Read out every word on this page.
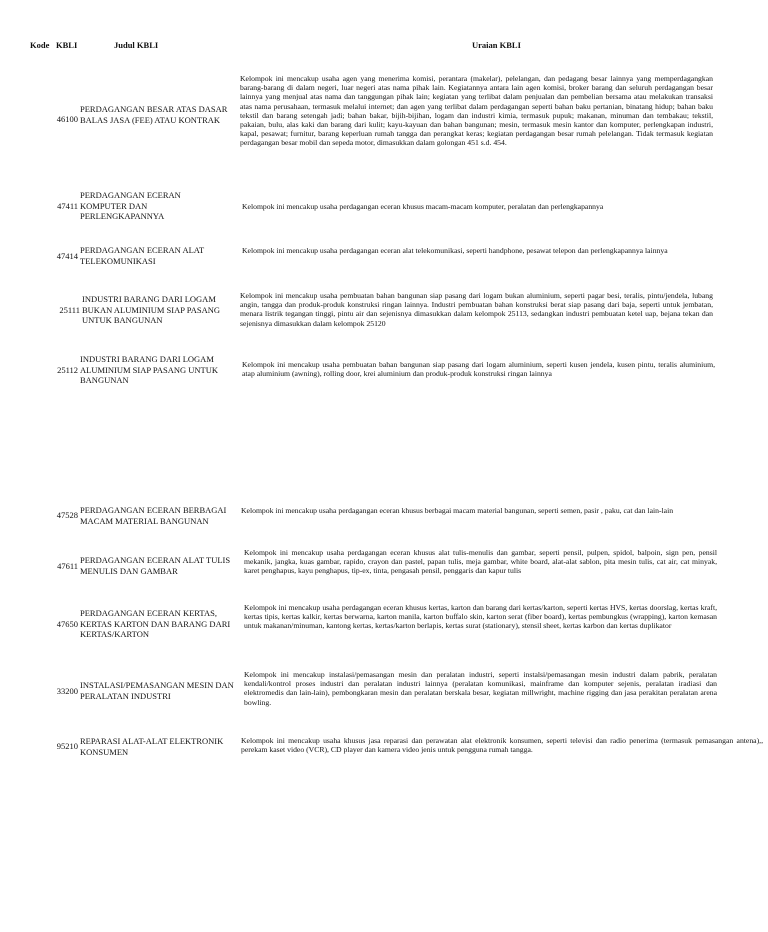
Kode KBLI	Judul KBLI	Uraian KBLI
46100
PERDAGANGAN BESAR ATAS DASAR BALAS JASA (FEE) ATAU KONTRAK
Kelompok ini mencakup usaha agen yang menerima komisi, perantara (makelar), pelelangan, dan pedagang besar lainnya yang memperdagangkan barang-barang di dalam negeri, luar negeri atas nama pihak lain. Kegiatannya antara lain agen komisi, broker barang dan seluruh perdagangan besar lainnya yang menjual atas nama dan tanggungan pihak lain; kegiatan yang terlibat dalam penjualan dan pembelian bersama atau melakukan transaksi atas nama perusahaan, termasuk melalui internet; dan agen yang terlibat dalam perdagangan seperti bahan baku pertanian, binatang hidup; bahan baku tekstil dan barang setengah jadi; bahan bakar, bijih-bijihan, logam dan industri kimia, termasuk pupuk; makanan, minuman dan tembakau; tekstil, pakaian, bulu, alas kaki dan barang dari kulit; kayu-kayuan dan bahan bangunan; mesin, termasuk mesin kantor dan komputer, perlengkapan industri, kapal, pesawat; furnitur, barang keperluan rumah tangga dan perangkat keras; kegiatan perdagangan besar rumah pelelangan. Tidak termasuk kegiatan perdagangan besar mobil dan sepeda motor, dimasukkan dalam golongan 451 s.d. 454.
47411
PERDAGANGAN ECERAN KOMPUTER DAN PERLENGKAPANNYA
Kelompok ini mencakup usaha perdagangan eceran khusus macam-macam komputer, peralatan dan perlengkapannya
47414
PERDAGANGAN ECERAN ALAT TELEKOMUNIKASI
Kelompok ini mencakup usaha perdagangan eceran alat telekomunikasi, seperti handphone, pesawat telepon dan perlengkapannya lainnya
25111
INDUSTRI BARANG DARI LOGAM BUKAN ALUMINIUM SIAP PASANG UNTUK BANGUNAN
Kelompok ini mencakup usaha pembuatan bahan bangunan siap pasang dari logam bukan aluminium, seperti pagar besi, teralis, pintu/jendela, lubang angin, tangga dan produk-produk konstruksi ringan lainnya. Industri pembuatan bahan konstruksi berat siap pasang dari baja, seperti untuk jembatan, menara listrik tegangan tinggi, pintu air dan sejenisnya dimasukkan dalam kelompok 25113, sedangkan industri pembuatan ketel uap, bejana tekan dan sejenisnya dimasukkan dalam kelompok 25120
25112
INDUSTRI BARANG DARI LOGAM ALUMINIUM SIAP PASANG UNTUK BANGUNAN
Kelompok ini mencakup usaha pembuatan bahan bangunan siap pasang dari logam aluminium, seperti kusen jendela, kusen pintu, teralis aluminium, atap aluminium (awning), rolling door, krei aluminium dan produk-produk konstruksi ringan lainnya
47528 PERDAGANGAN ECERAN BERBAGAI MACAM MATERIAL BANGUNAN
Kelompok ini mencakup usaha perdagangan eceran khusus berbagai macam material bangunan, seperti semen, pasir , paku, cat dan lain-lain
47611
PERDAGANGAN ECERAN ALAT TULIS MENULIS DAN GAMBAR
Kelompok ini mencakup usaha perdagangan eceran khusus alat tulis-menulis dan gambar, seperti pensil, pulpen, spidol, balpoin, sign pen, pensil mekanik, jangka, kuas gambar, rapido, crayon dan pastel, papan tulis, meja gambar, white board, alat-alat sablon, pita mesin tulis, cat air, cat minyak, karet penghapus, kayu penghapus, tip-ex, tinta, pengasah pensil, penggaris dan kapur tulis
47650
PERDAGANGAN ECERAN KERTAS, KERTAS KARTON DAN BARANG DARI KERTAS/KARTON
Kelompok ini mencakup usaha perdagangan eceran khusus kertas, karton dan barang dari kertas/karton, seperti kertas HVS, kertas doorslag, kertas kraft, kertas tipis, kertas kalkir, kertas berwarna, karton manila, karton buffalo skin, karton serat (fiber board), kertas pembungkus (wrapping), karton kemasan untuk makanan/minuman, kantong kertas, kertas/karton berlapis, kertas surat (stationary), stensil sheet, kertas karbon dan kertas duplikator
33200
INSTALASI/PEMASANGAN MESIN DAN PERALATAN INDUSTRI
Kelompok ini mencakup instalasi/pemasangan mesin dan peralatan industri, seperti instalsi/pemasangan mesin industri dalam pabrik, peralatan kendali/kontrol proses industri dan peralatan industri lainnya (peralatan komunikasi, mainframe dan komputer sejenis, peralatan iradiasi dan elektromedis dan lain-lain), pembongkaran mesin dan peralatan berskala besar, kegiatan millwright, machine rigging dan jasa perakitan peralatan arena bowling.
95210 REPARASI ALAT-ALAT ELEKTRONIK KONSUMEN
Kelompok ini mencakup usaha khusus jasa reparasi dan perawatan alat elektronik konsumen, seperti televisi dan radio penerima (termasuk pemasangan antena),, perekam kaset video (VCR), CD player dan kamera video jenis untuk pengguna rumah tangga.
